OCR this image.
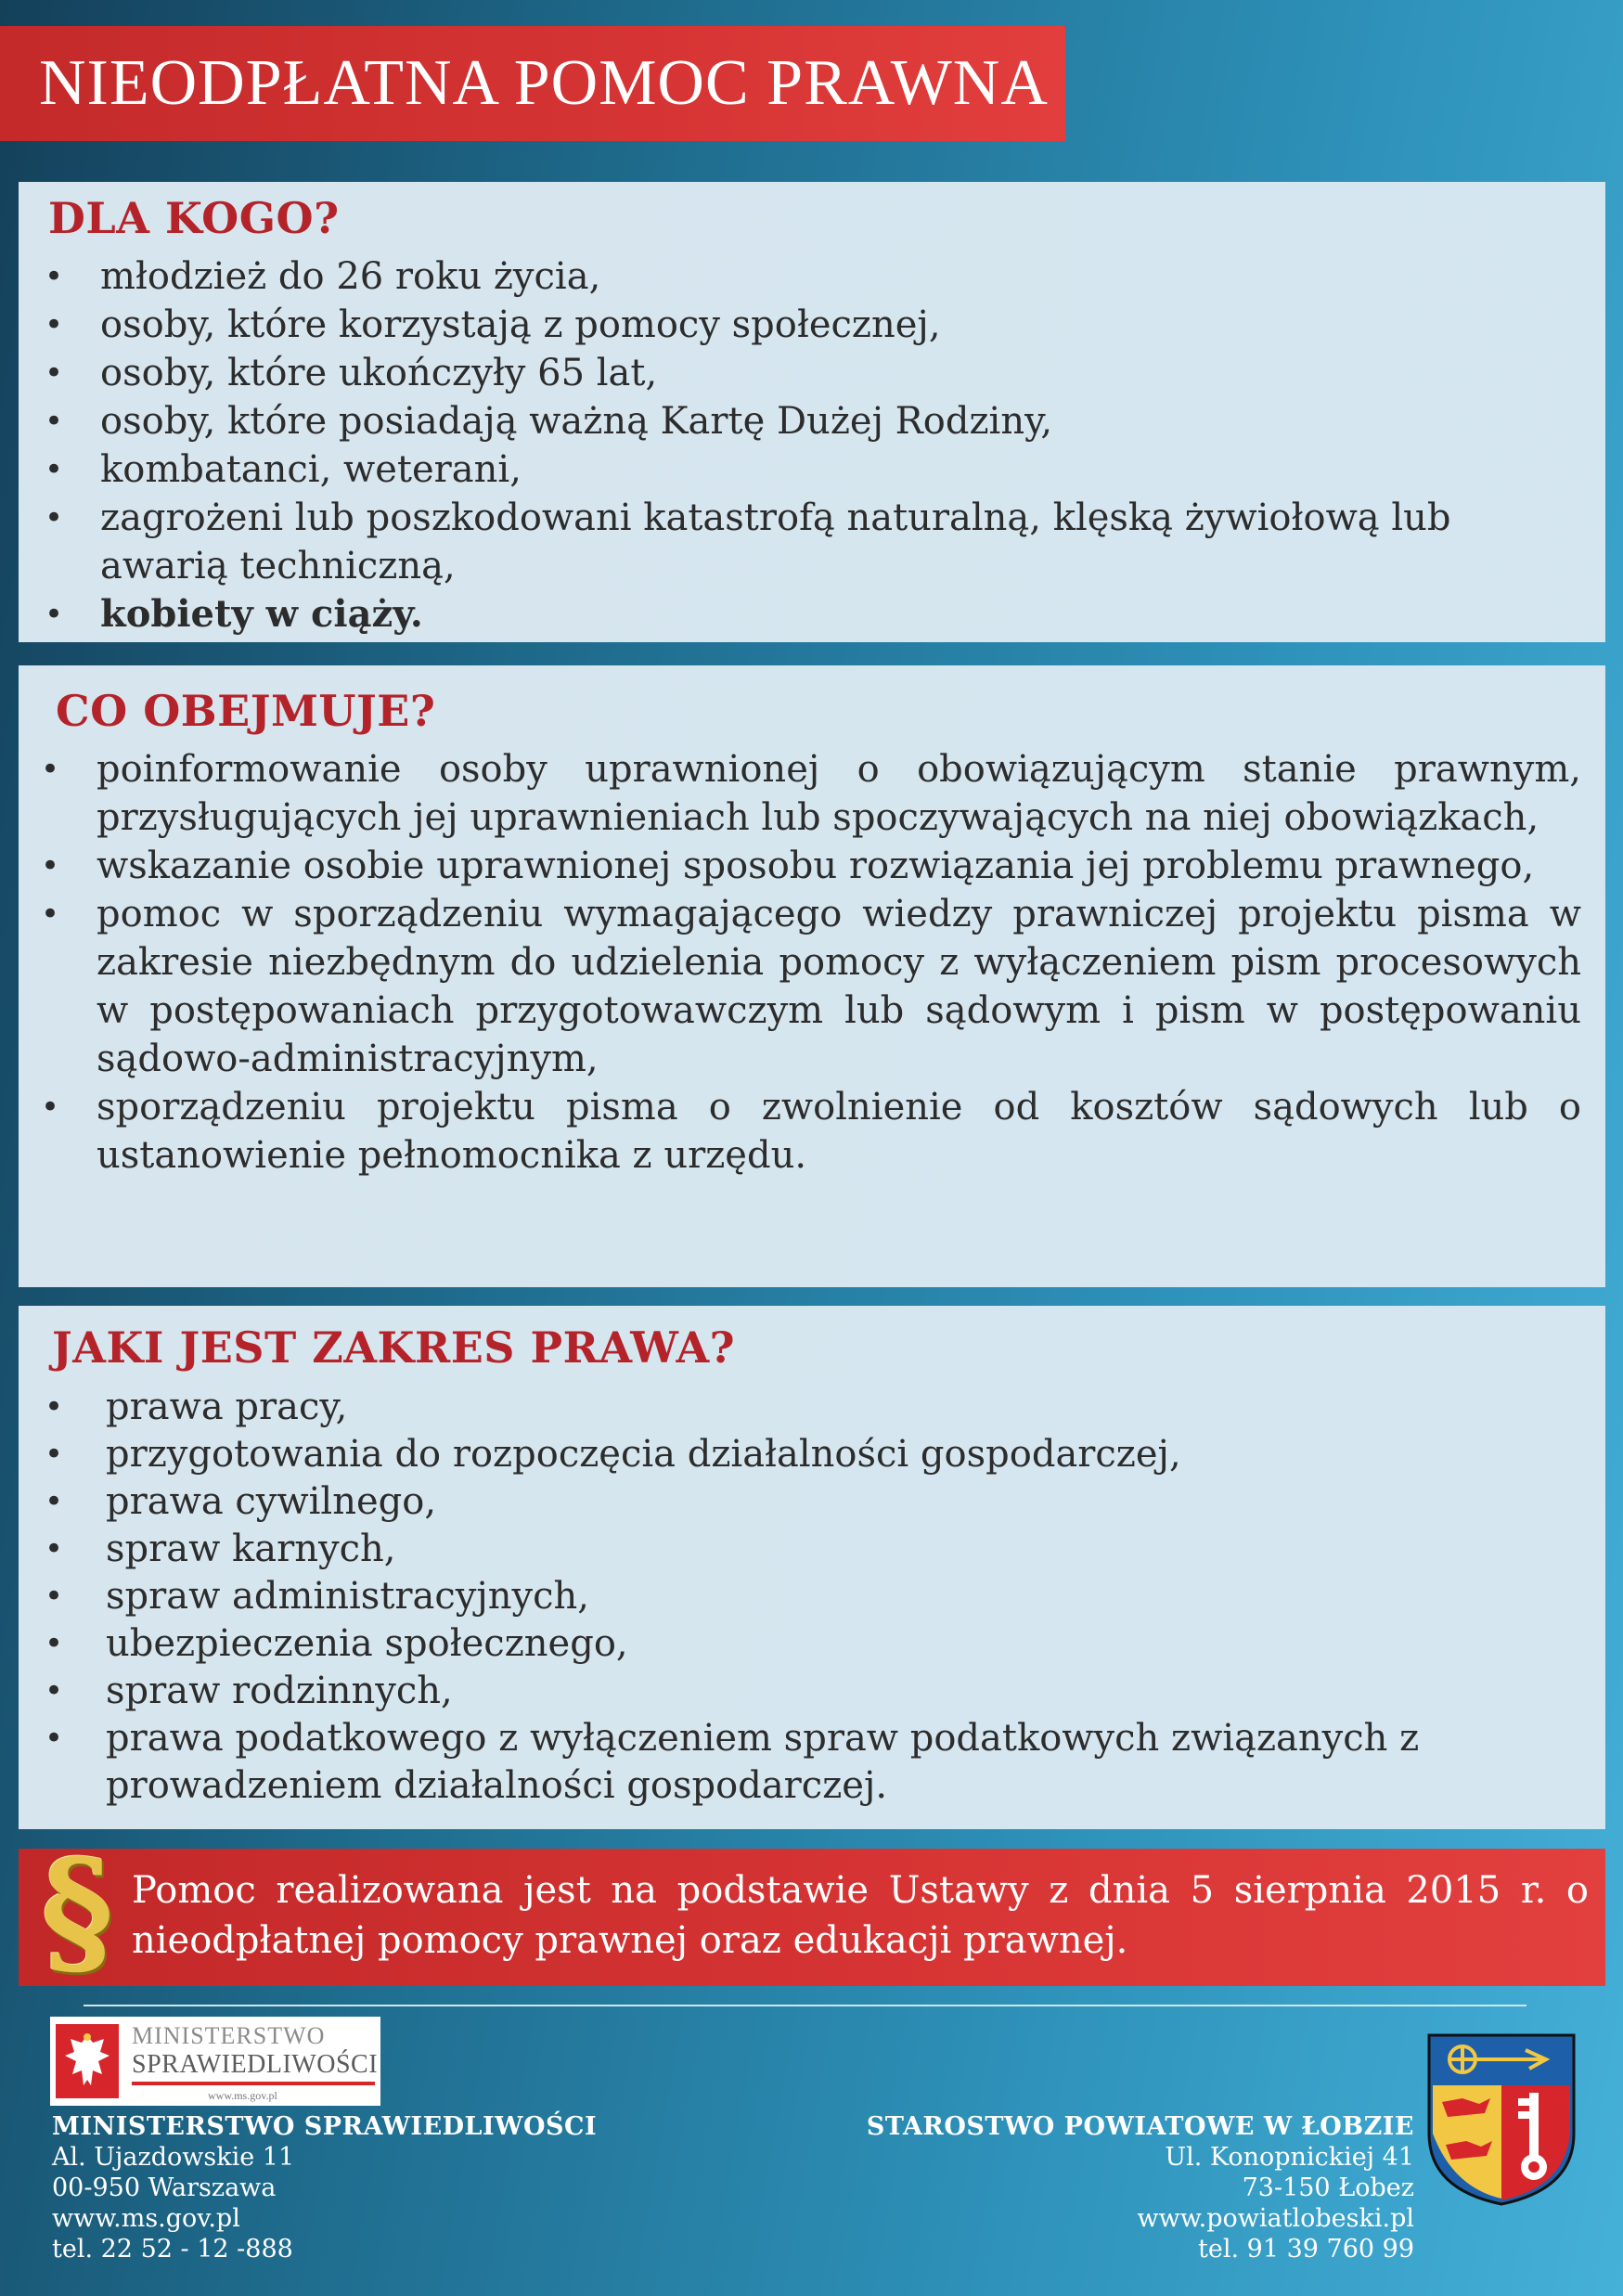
NIEODPŁATNA POMOC PRAWNA
DLA KOGO?
• młodzież do 26 roku życia,
• osoby, które korzystają z pomocy społecznej,
• osoby, które ukończyły 65 lat,
• osoby, które posiadają ważną Kartę Dużej Rodziny,
• kombatanci, weterani,
• zagrożeni lub poszkodowani katastrofą naturalną, klęską żywiołową lub awarią techniczną,
• kobiety w ciąży.
CO OBEJMUJE?
• poinformowanie osoby uprawnionej o obowiązującym stanie prawnym, przysługujących jej uprawnieniach lub spoczywających na niej obowiązkach,
• wskazanie osobie uprawnionej sposobu rozwiązania jej problemu prawnego,
• pomoc w sporządzeniu wymagającego wiedzy prawniczej projektu pisma w zakresie niezbędnym do udzielenia pomocy z wyłączeniem pism procesowych w postępowaniach przygotowawczym lub sądowym i pism w postępowaniu sądowo-administracyjnym,
• sporządzeniu projektu pisma o zwolnienie od kosztów sądowych lub o ustanowienie pełnomocnika z urzędu.
JAKI JEST ZAKRES PRAWA?
• prawa pracy,
• przygotowania do rozpoczęcia działalności gospodarczej,
• prawa cywilnego,
• spraw karnych,
• spraw administracyjnych,
• ubezpieczenia społecznego,
• spraw rodzinnych,
• prawa podatkowego z wyłączeniem spraw podatkowych związanych z prowadzeniem działalności gospodarczej.
§ Pomoc realizowana jest na podstawie Ustawy z dnia 5 sierpnia 2015 r. o nieodpłatnej pomocy prawnej oraz edukacji prawnej.
MINISTERSTWO
SPRAWIEDLIWOŚCI
www.ms.gov.pl
MINISTERSTWO SPRAWIEDLIWOŚCI
Al. Ujazdowskie 11
00-950 Warszawa
www.ms.gov.pl
tel. 22 52 - 12 -888
STAROSTWO POWIATOWE W ŁOBZIE
Ul. Konopnickiej 41
73-150 Łobez
www.powiatlobeski.pl
tel. 91 39 760 99
